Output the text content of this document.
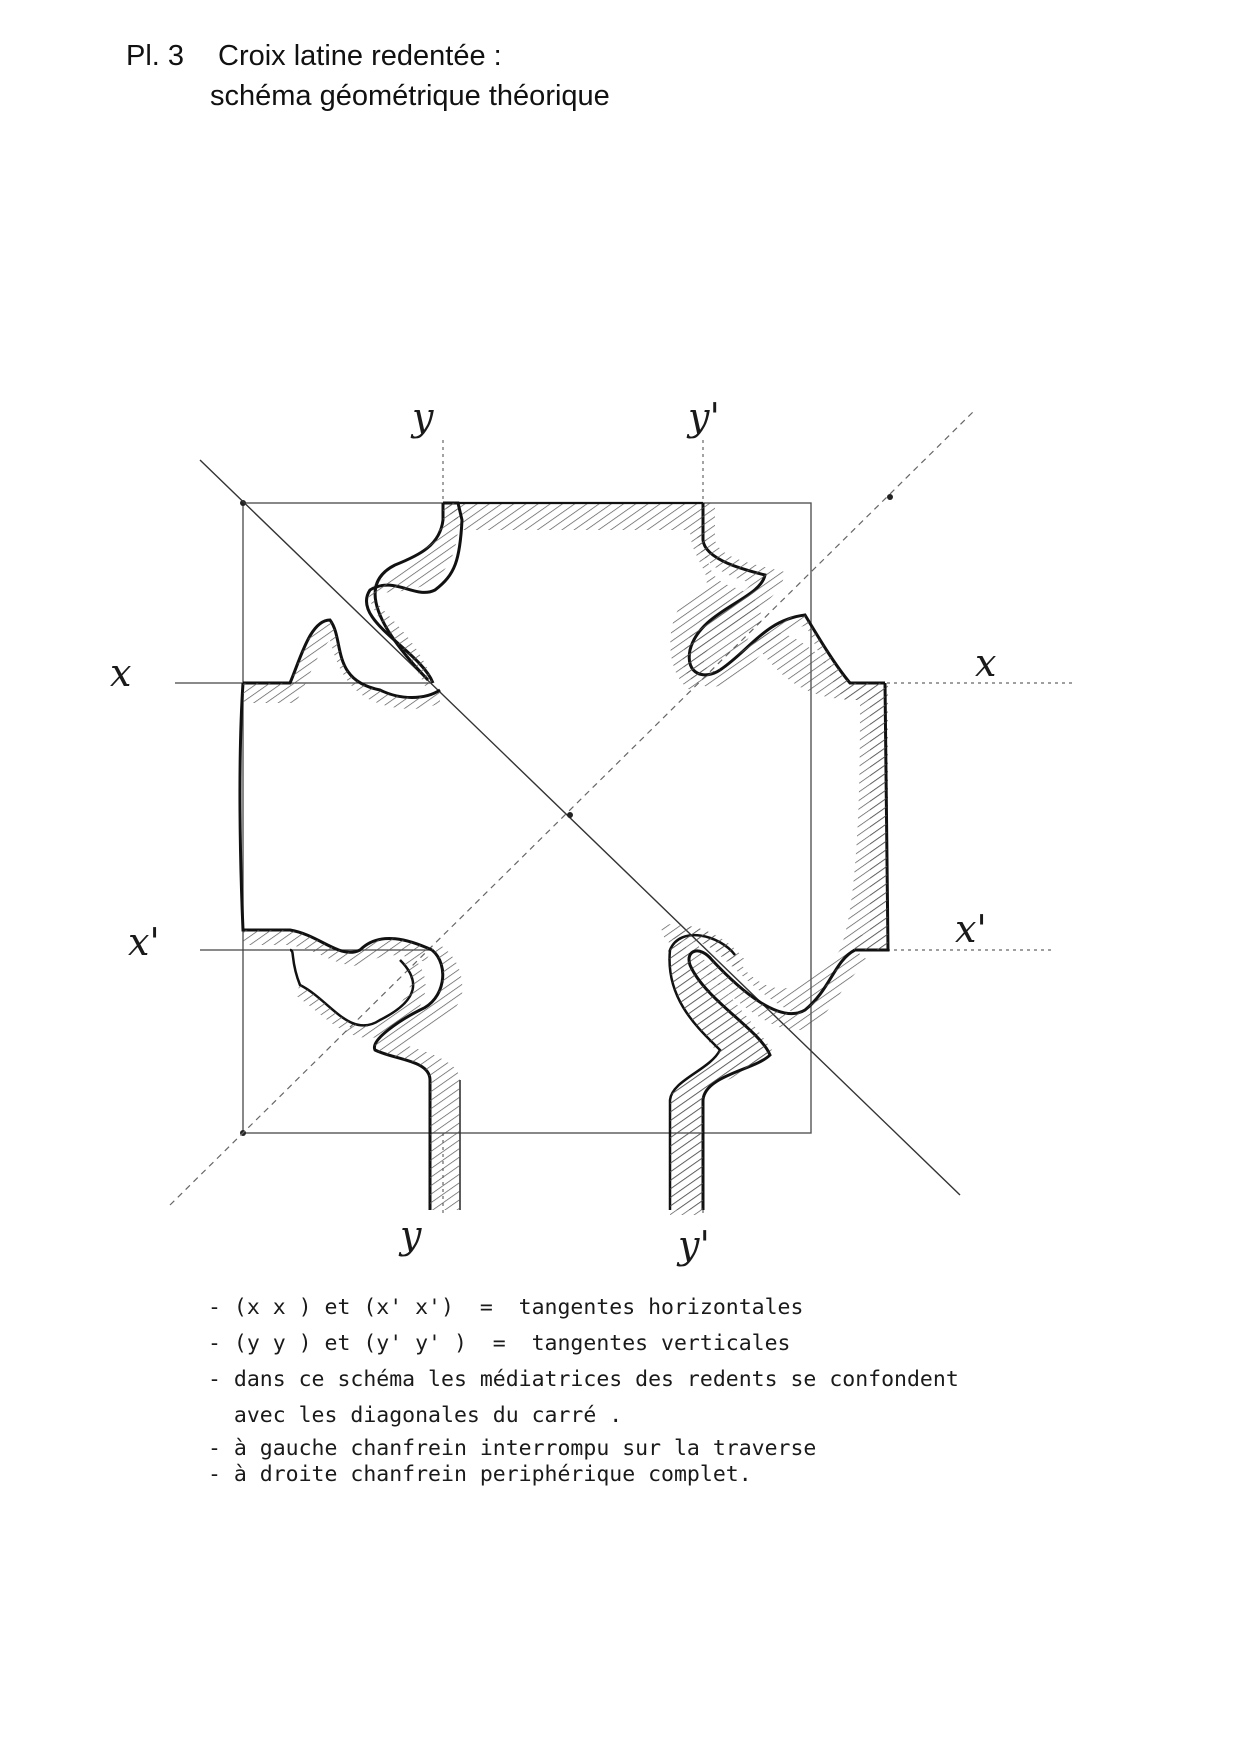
Pl. 3 Croix latine redentée :
schéma géométrique théorique
y	y'
x	x
x'	x'
y	y'
- (x x ) et (x' x')  =  tangentes horizontales
- (y y ) et (y' y' )  =  tangentes verticales
- dans ce schéma les médiatrices des redents se confondent
avec les diagonales du carré .
- à gauche chanfrein interrompu sur la traverse
- à droite chanfrein periphérique complet.
